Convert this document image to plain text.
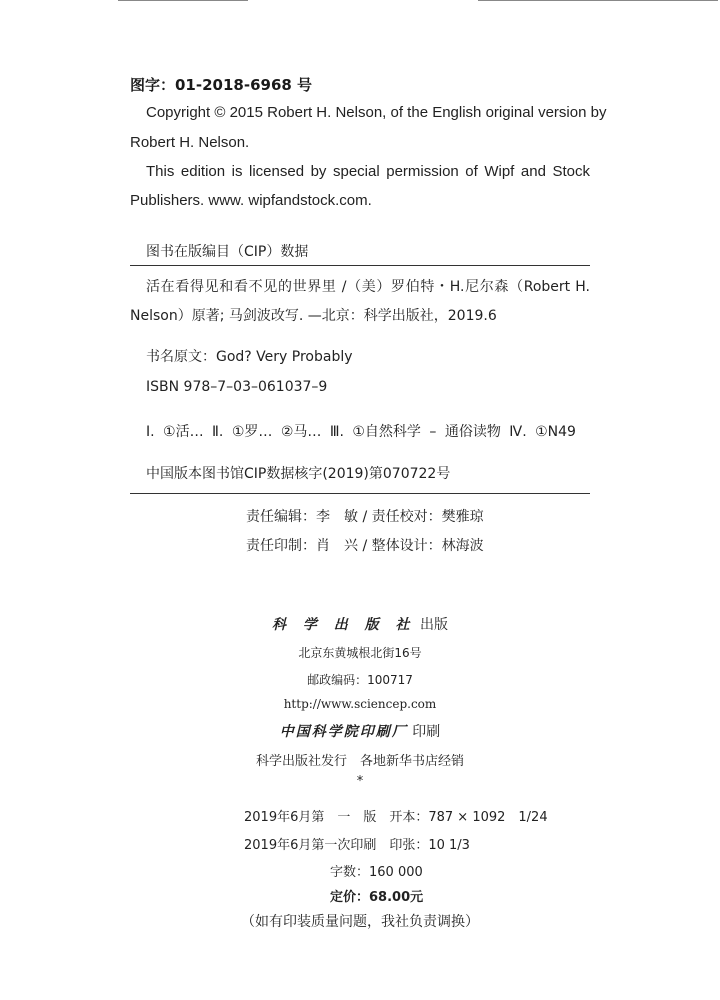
图字：01-2018-6968 号
Copyright © 2015 Robert H. Nelson, of the English original version by
Robert H. Nelson.
This edition is licensed by special permission of Wipf and Stock
Publishers. www. wipfandstock.com.
图书在版编目（CIP）数据
活在看得见和看不见的世界里 /（美）罗伯特・H.尼尔森（Robert H.
Nelson）原著; 马剑波改写. —北京：科学出版社，2019.6
书名原文：God? Very Probably
ISBN 978–7–03–061037–9
Ⅰ. ①活… Ⅱ. ①罗… ②马… Ⅲ. ①自然科学 – 通俗读物 Ⅳ. ①N49
中国版本图书馆CIP数据核字(2019)第070722号
责任编辑：李　敏 / 责任校对：樊雅琼
责任印制：肖　兴 / 整体设计：林海波
科 学 出 版 社 出版
北京东黄城根北街16号
邮政编码：100717
http://www.sciencep.com
中国科学院印刷厂 印刷
科学出版社发行　各地新华书店经销
*
2019年6月第　一　版　开本：787 × 1092　1/24
2019年6月第一次印刷　印张：10 1/3
字数：160 000
定价：68.00元
（如有印装质量问题，我社负责调换）
